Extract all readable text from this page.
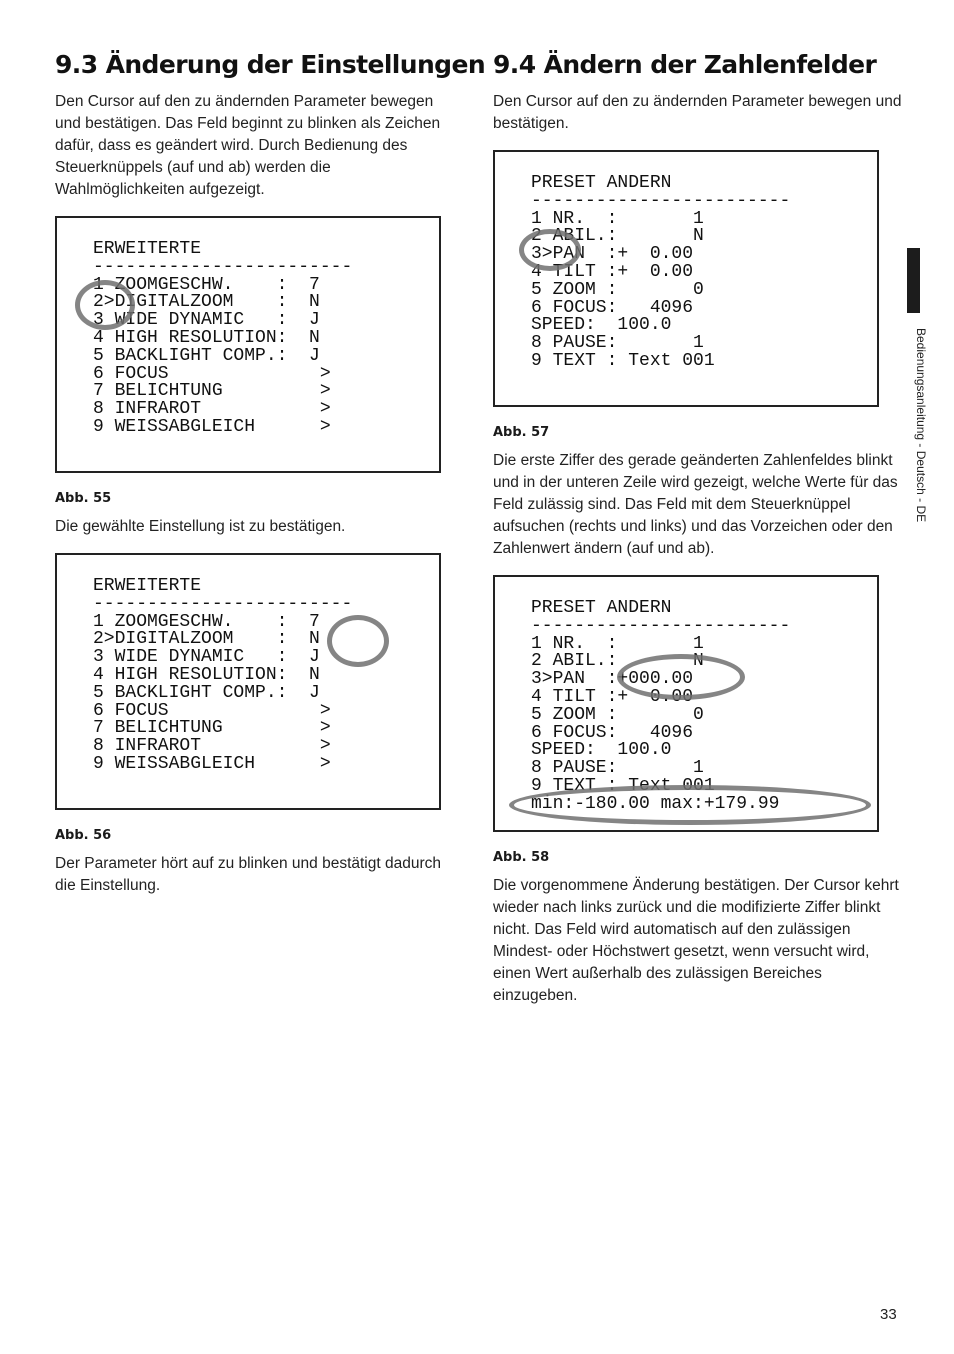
9.3 Änderung der Einstellungen

Den Cursor auf den zu ändernden Parameter bewegen und bestätigen. Das Feld beginnt zu blinken als Zeichen dafür, dass es geändert wird. Durch Bedienung des Steuerknüppels (auf und ab) werden die Wahlmöglichkeiten aufgezeigt.

ERWEITERTE
------------------------
1 ZOOMGESCHW.    :  7
2>DIGITALZOOM    :  N
3 WIDE DYNAMIC   :  J
4 HIGH RESOLUTION:  N
5 BACKLIGHT COMP.:  J
6 FOCUS              >
7 BELICHTUNG         >
8 INFRAROT           >
9 WEISSABGLEICH      >
Abb. 55

Die gewählte Einstellung ist zu bestätigen.

ERWEITERTE
------------------------
1 ZOOMGESCHW.    :  7
2>DIGITALZOOM    :  N
3 WIDE DYNAMIC   :  J
4 HIGH RESOLUTION:  N
5 BACKLIGHT COMP.:  J
6 FOCUS              >
7 BELICHTUNG         >
8 INFRAROT           >
9 WEISSABGLEICH      >
Abb. 56

Der Parameter hört auf zu blinken und bestätigt dadurch die Einstellung.

9.4 Ändern der Zahlenfelder

Den Cursor auf den zu ändernden Parameter bewegen und bestätigen.

PRESET ANDERN
------------------------
1 NR.  :       1
2 ABIL.:       N
3>PAN  :+  0.00
4 TILT :+  0.00
5 ZOOM :       0
6 FOCUS:   4096
SPEED:  100.0
8 PAUSE:       1
9 TEXT : Text 001
Abb. 57

Die erste Ziffer des gerade geänderten Zahlenfeldes blinkt und in der unteren Zeile wird gezeigt, welche Werte für das Feld zulässig sind. Das Feld mit dem Steuerknüppel aufsuchen (rechts und links) und das Vorzeichen oder den Zahlenwert ändern (auf und ab).

PRESET ANDERN
------------------------
1 NR.  :       1
2 ABIL.:       N
3>PAN  :+000.00
4 TILT :+  0.00
5 ZOOM :       0
6 FOCUS:   4096
SPEED:  100.0
8 PAUSE:       1
9 TEXT : Text 001
min:-180.00 max:+179.99
Abb. 58

Die vorgenommene Änderung bestätigen. Der Cursor kehrt wieder nach links zurück und die modifizierte Ziffer blinkt nicht. Das Feld wird automatisch auf den zulässigen Mindest- oder Höchstwert gesetzt, wenn versucht wird, einen Wert außerhalb des zulässigen Bereiches einzugeben.

Bedienungsanleitung - Deutsch - DE
33
